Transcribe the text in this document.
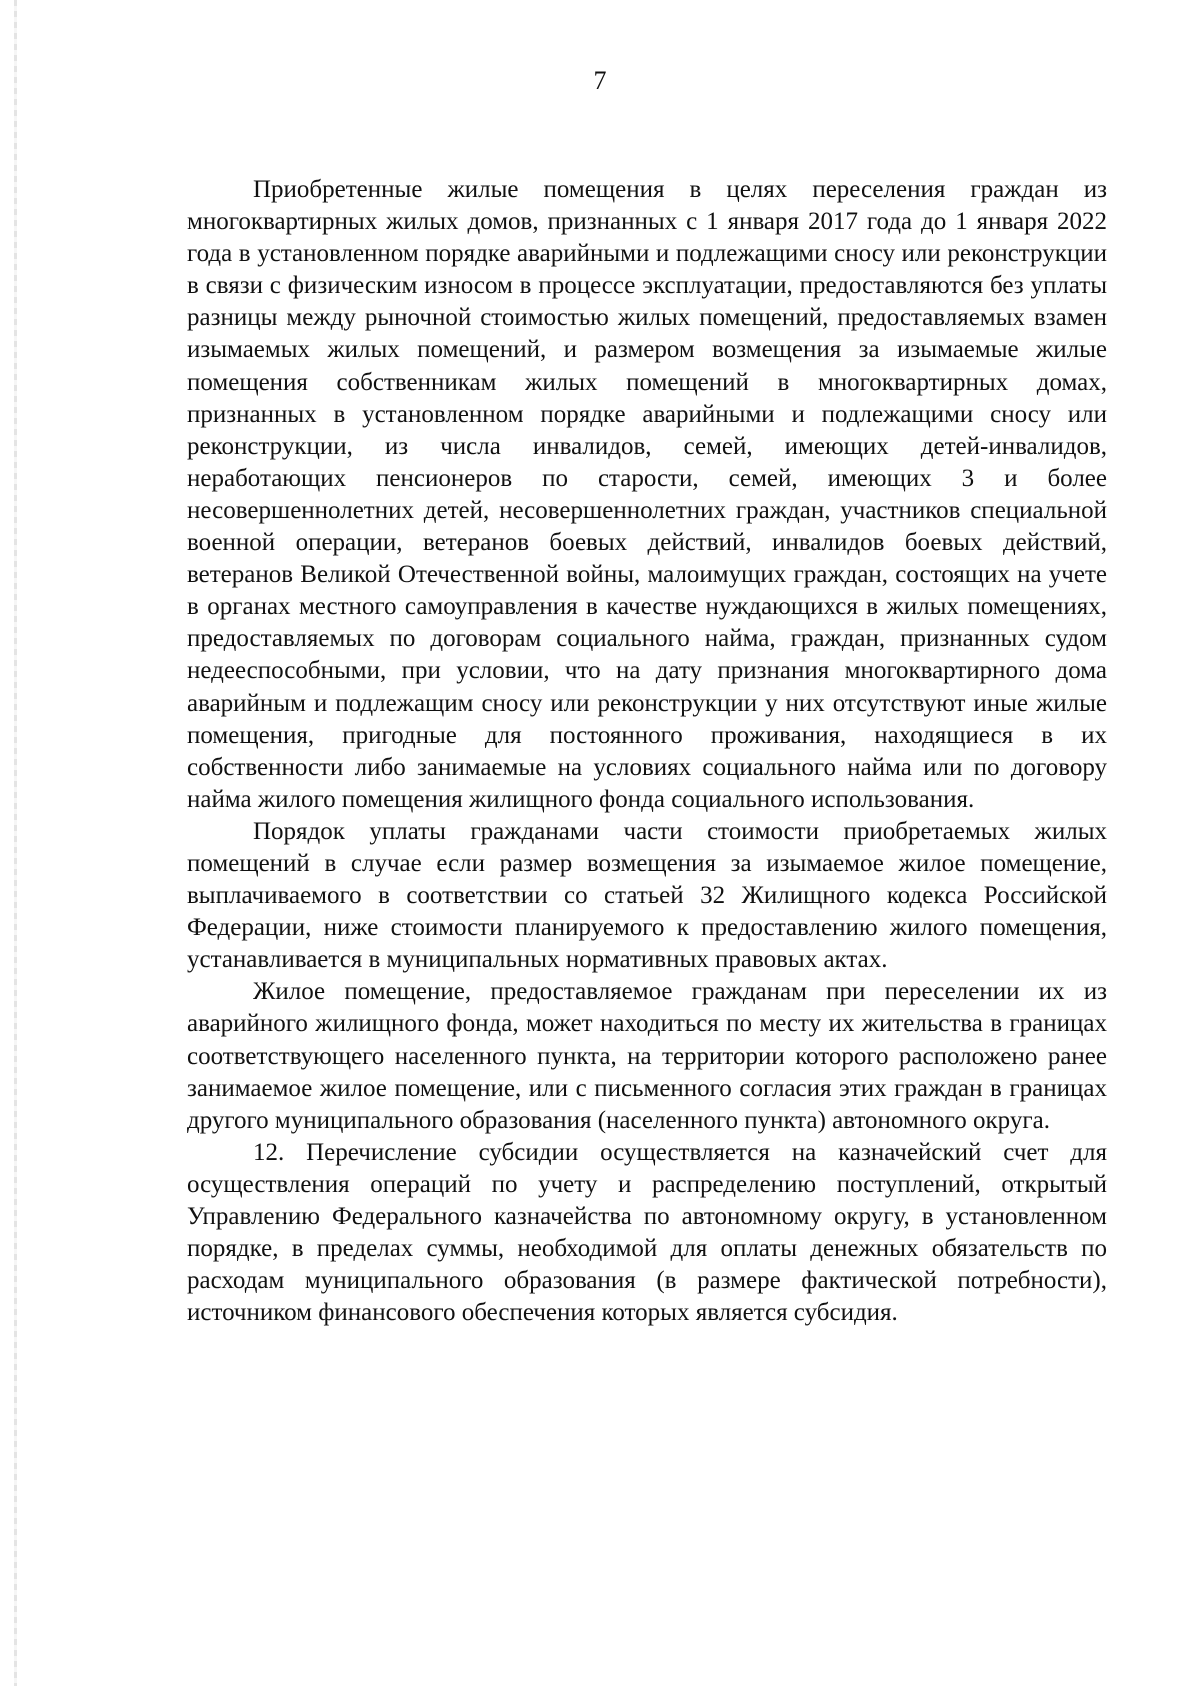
7

Приобретенные жилые помещения в целях переселения граждан из многоквартирных жилых домов, признанных с 1 января 2017 года до 1 января 2022 года в установленном порядке аварийными и подлежащими сносу или реконструкции в связи с физическим износом в процессе эксплуатации, предоставляются без уплаты разницы между рыночной стоимостью жилых помещений, предоставляемых взамен изымаемых жилых помещений, и размером возмещения за изымаемые жилые помещения собственникам жилых помещений в многоквартирных домах, признанных в установленном порядке аварийными и подлежащими сносу или реконструкции, из числа инвалидов, семей, имеющих детей-инвалидов, неработающих пенсионеров по старости, семей, имеющих 3 и более несовершеннолетних детей, несовершеннолетних граждан, участников специальной военной операции, ветеранов боевых действий, инвалидов боевых действий, ветеранов Великой Отечественной войны, малоимущих граждан, состоящих на учете в органах местного самоуправления в качестве нуждающихся в жилых помещениях, предоставляемых по договорам социального найма, граждан, признанных судом недееспособными, при условии, что на дату признания многоквартирного дома аварийным и подлежащим сносу или реконструкции у них отсутствуют иные жилые помещения, пригодные для постоянного проживания, находящиеся в их собственности либо занимаемые на условиях социального найма или по договору найма жилого помещения жилищного фонда социального использования.

Порядок уплаты гражданами части стоимости приобретаемых жилых помещений в случае если размер возмещения за изымаемое жилое помещение, выплачиваемого в соответствии со статьей 32 Жилищного кодекса Российской Федерации, ниже стоимости планируемого к предоставлению жилого помещения, устанавливается в муниципальных нормативных правовых актах.

Жилое помещение, предоставляемое гражданам при переселении их из аварийного жилищного фонда, может находиться по месту их жительства в границах соответствующего населенного пункта, на территории которого расположено ранее занимаемое жилое помещение, или с письменного согласия этих граждан в границах другого муниципального образования (населенного пункта) автономного округа.

12. Перечисление субсидии осуществляется на казначейский счет для осуществления операций по учету и распределению поступлений, открытый Управлению Федерального казначейства по автономному округу, в установленном порядке, в пределах суммы, необходимой для оплаты денежных обязательств по расходам муниципального образования (в размере фактической потребности), источником финансового обеспечения которых является субсидия.
